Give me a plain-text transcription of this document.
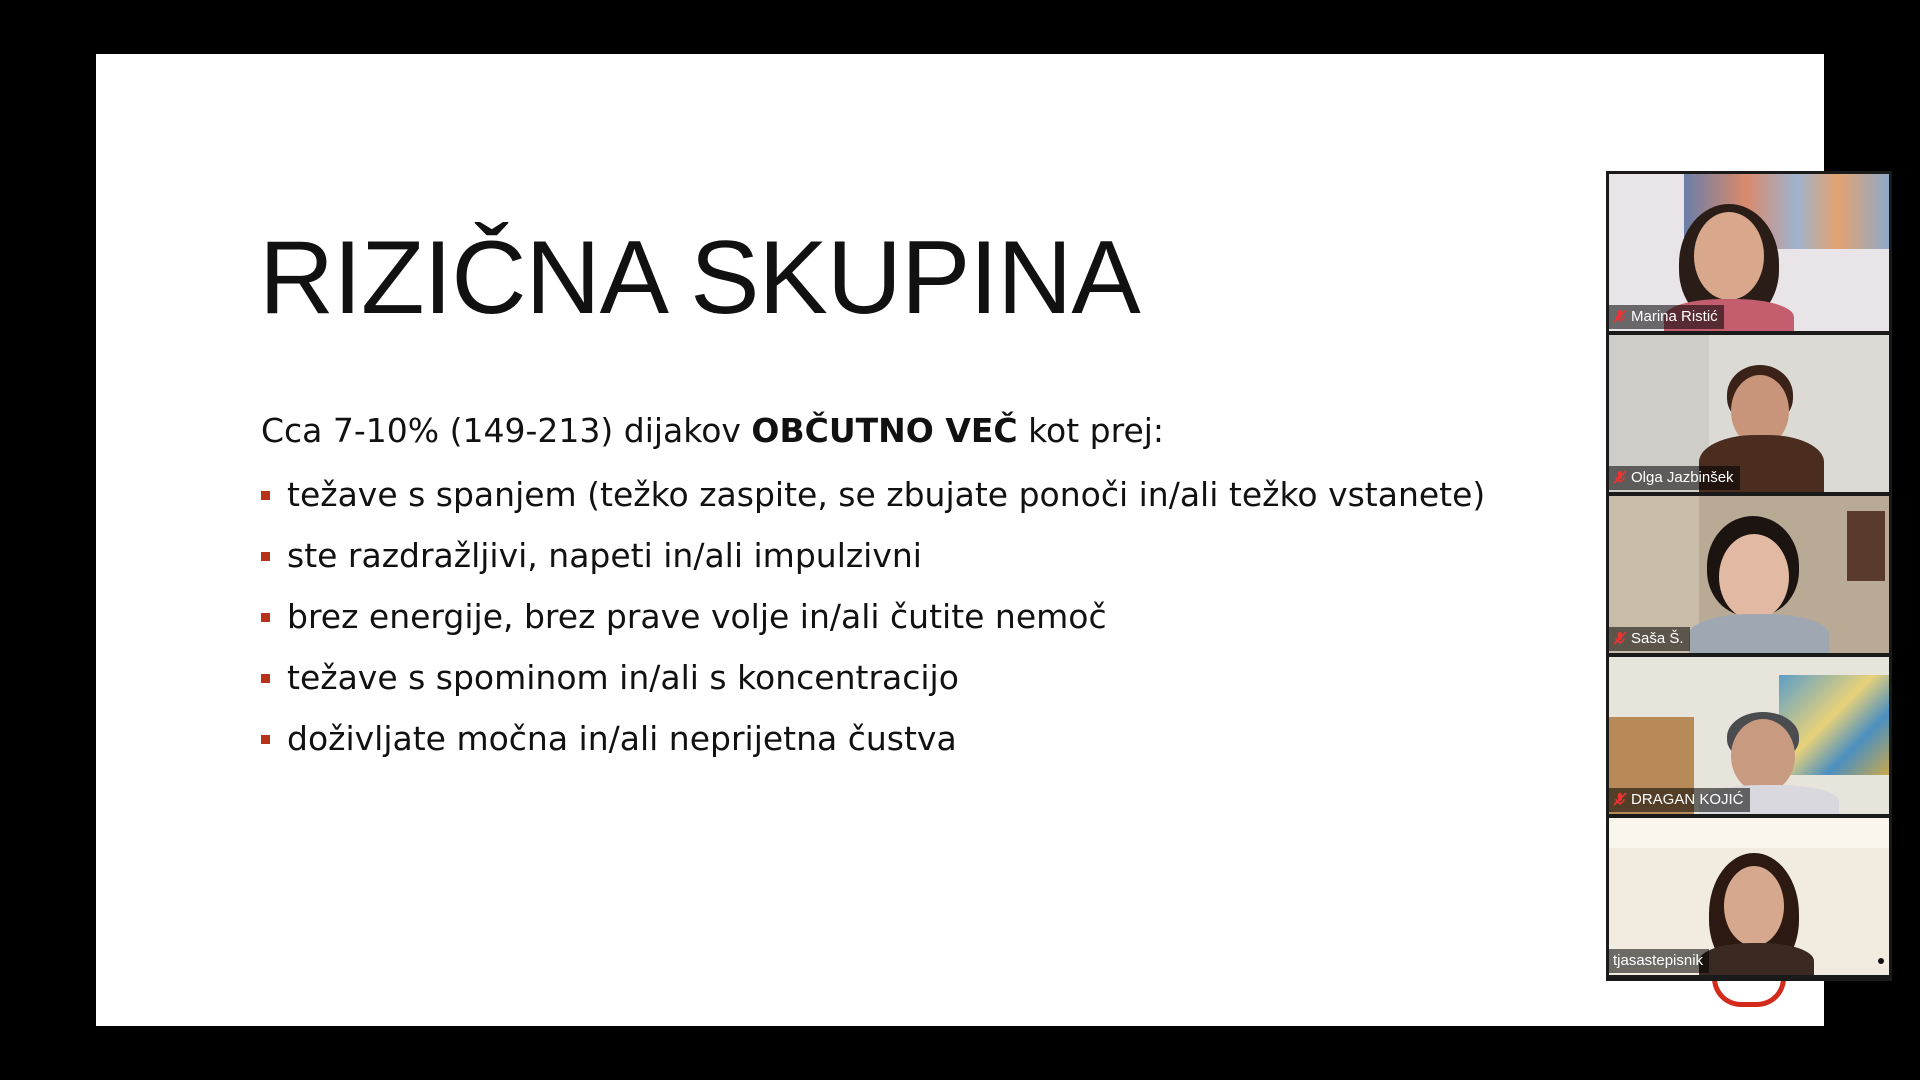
RIZIČNA SKUPINA
Cca 7-10% (149-213) dijakov OBČUTNO VEČ kot prej:
težave s spanjem (težko zaspite, se zbujate ponoči in/ali težko vstanete)
ste razdražljivi, napeti in/ali impulzivni
brez energije, brez prave volje in/ali čutite nemoč
težave s spominom in/ali s koncentracijo
doživljate močna in/ali neprijetna čustva
Marina Ristić
Olga Jazbinšek
Saša Š.
DRAGAN KOJIĆ
tjasastepisnik
